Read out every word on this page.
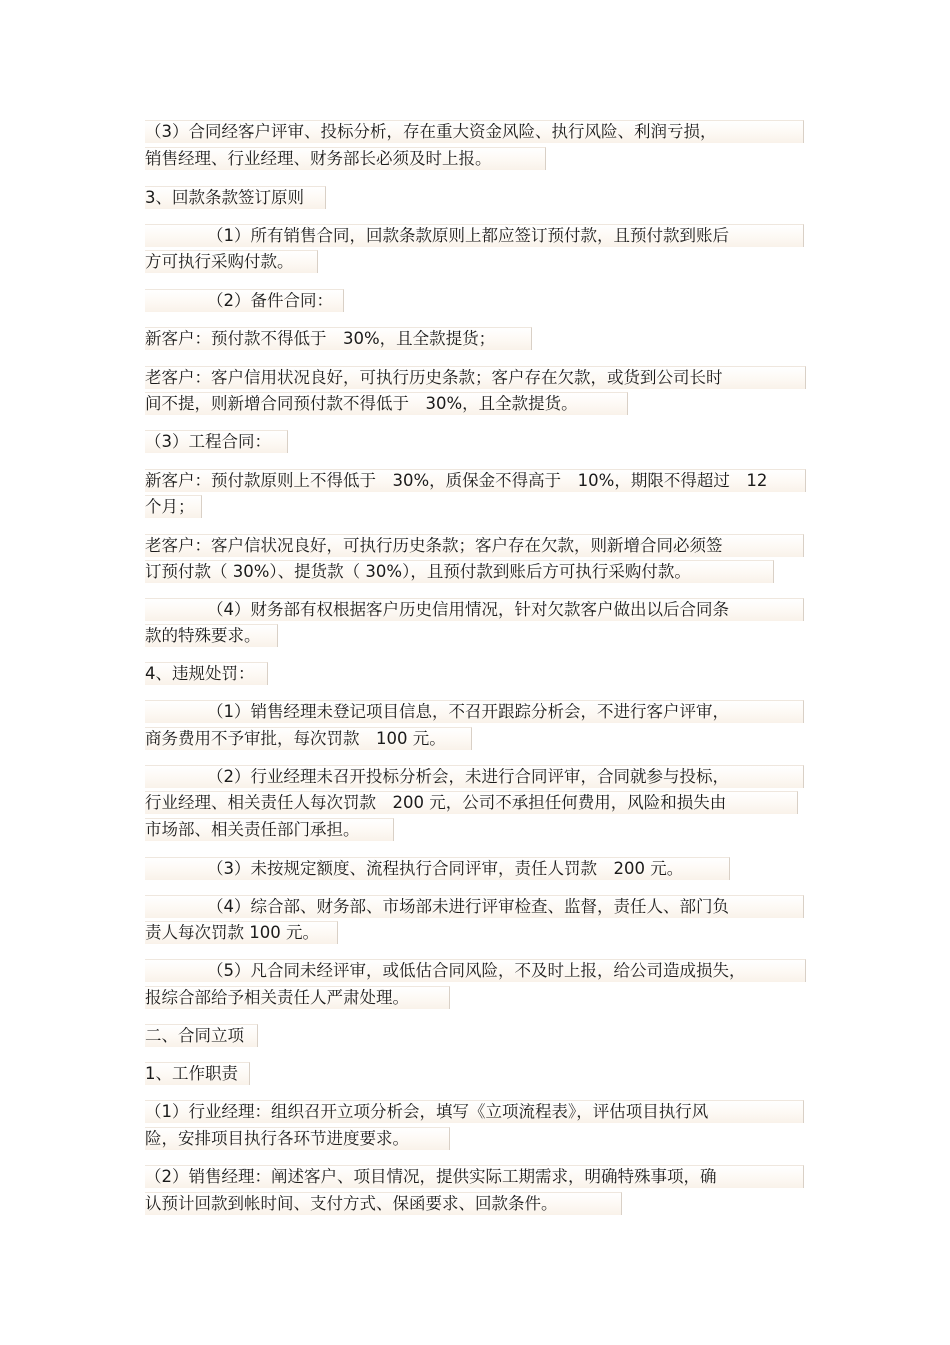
（3）合同经客户评审、投标分析，存在重大资金风险、执行风险、利润亏损，
销售经理、行业经理、财务部长必须及时上报。
3、回款条款签订原则
（1）所有销售合同，回款条款原则上都应签订预付款，且预付款到账后
方可执行采购付款。
（2）备件合同：
新客户：预付款不得低于　30%，且全款提货；
老客户：客户信用状况良好，可执行历史条款；客户存在欠款，或货到公司长时
间不提，则新增合同预付款不得低于　30%，且全款提货。
（3）工程合同：
新客户：预付款原则上不得低于　30%，质保金不得高于　10%，期限不得超过　12
个月；
老客户：客户信状况良好，可执行历史条款；客户存在欠款，则新增合同必须签
订预付款（ 30%）、提货款（ 30%），且预付款到账后方可执行采购付款。
（4）财务部有权根据客户历史信用情况，针对欠款客户做出以后合同条
款的特殊要求。
4、违规处罚：
（1）销售经理未登记项目信息，不召开跟踪分析会，不进行客户评审，
商务费用不予审批，每次罚款　100 元。
（2）行业经理未召开投标分析会，未进行合同评审，合同就参与投标，
行业经理、相关责任人每次罚款　200 元，公司不承担任何费用，风险和损失由
市场部、相关责任部门承担。
（3）未按规定额度、流程执行合同评审，责任人罚款　200 元。
（4）综合部、财务部、市场部未进行评审检查、监督，责任人、部门负
责人每次罚款 100 元。
（5）凡合同未经评审，或低估合同风险，不及时上报，给公司造成损失，
报综合部给予相关责任人严肃处理。
二、合同立项
1、工作职责
（1）行业经理：组织召开立项分析会，填写《立项流程表》，评估项目执行风
险，安排项目执行各环节进度要求。
（2）销售经理：阐述客户、项目情况，提供实际工期需求，明确特殊事项，确
认预计回款到帐时间、支付方式、保函要求、回款条件。
